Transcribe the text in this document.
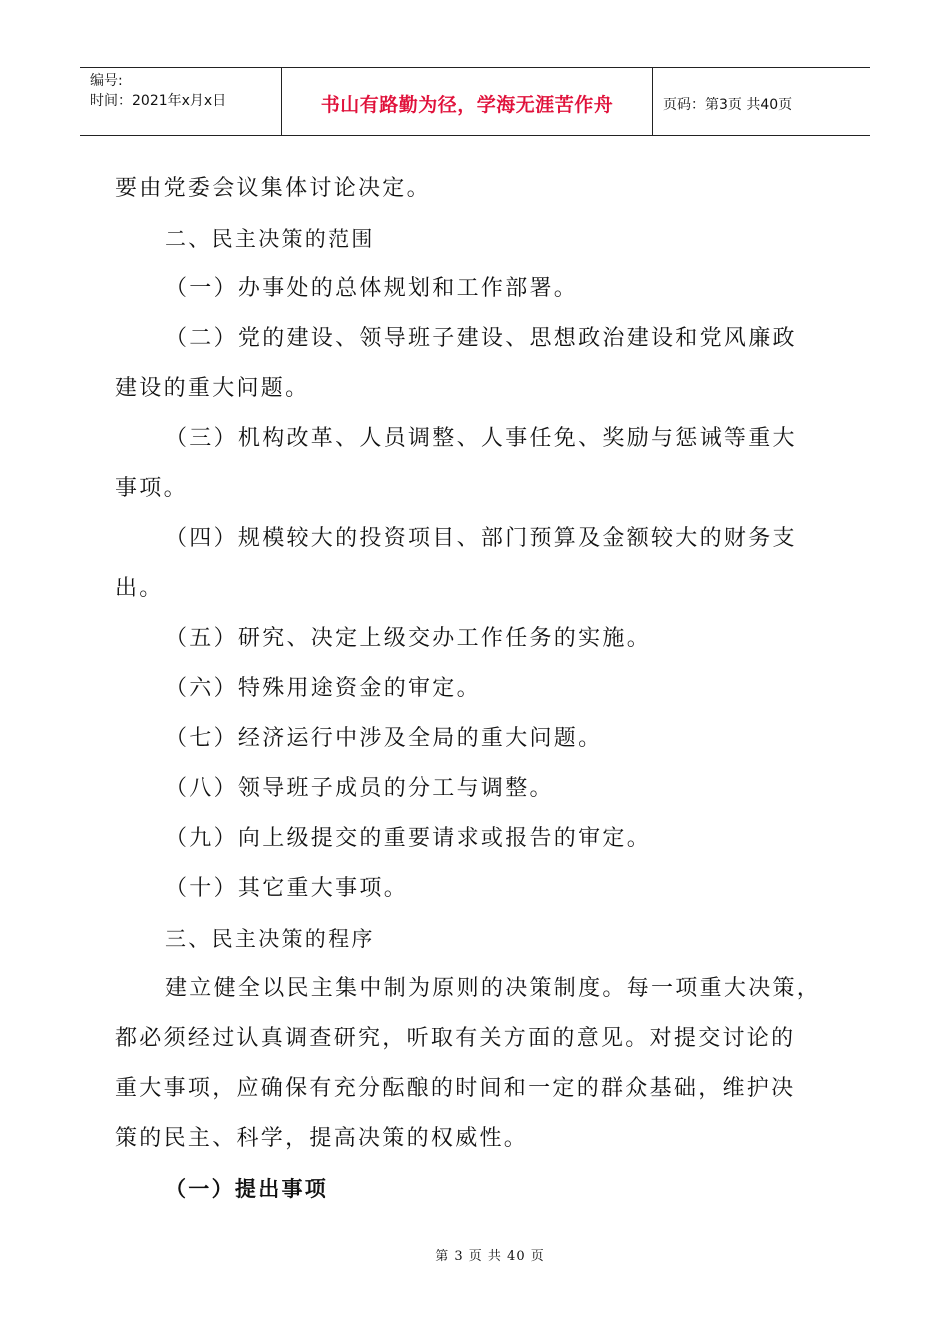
编号:
时间：2021年x月x日	书山有路勤为径，学海无涯苦作舟	页码：第3页 共40页
要由党委会议集体讨论决定。
二、民主决策的范围
（一）办事处的总体规划和工作部署。
（二）党的建设、领导班子建设、思想政治建设和党风廉政
建设的重大问题。
（三）机构改革、人员调整、人事任免、奖励与惩诫等重大
事项。
（四）规模较大的投资项目、部门预算及金额较大的财务支
出。
（五）研究、决定上级交办工作任务的实施。
（六）特殊用途资金的审定。
（七）经济运行中涉及全局的重大问题。
（八）领导班子成员的分工与调整。
（九）向上级提交的重要请求或报告的审定。
（十）其它重大事项。
三、民主决策的程序
建立健全以民主集中制为原则的决策制度。每一项重大决策，
都必须经过认真调查研究，听取有关方面的意见。对提交讨论的
重大事项，应确保有充分酝酿的时间和一定的群众基础，维护决
策的民主、科学，提高决策的权威性。
（一）提出事项
第 3 页 共 40 页
